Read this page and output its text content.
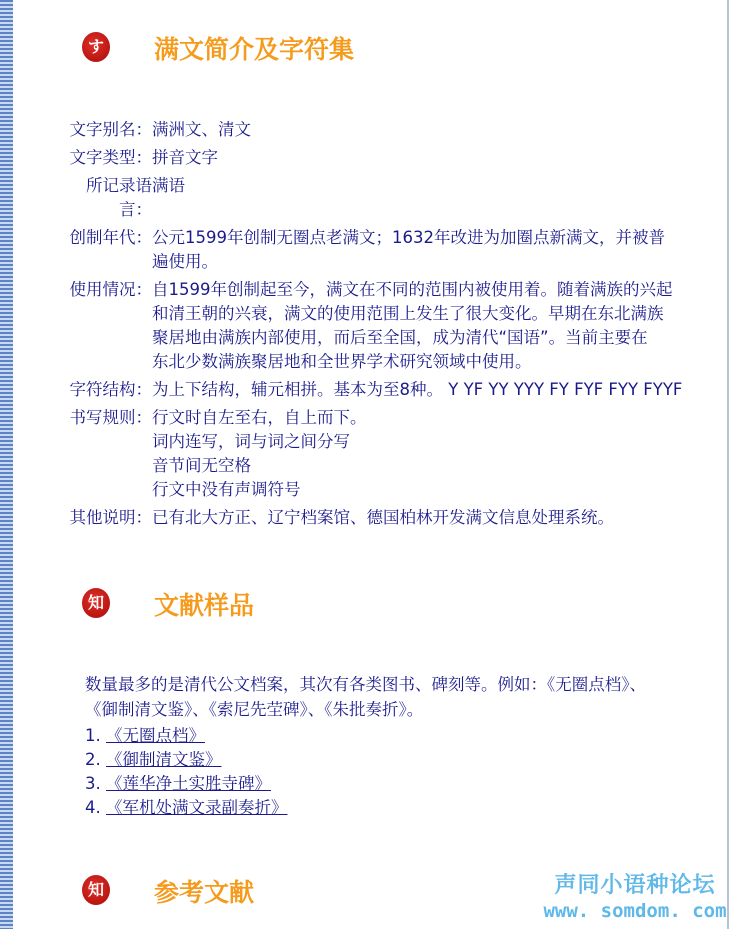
す 满文简介及字符集
文字别名： 满洲文、清文
文字类型： 拼音文字
所记录语
言：
满语
创制年代： 公元1599年创制无圈点老满文；1632年改进为加圈点新满文，并被普
遍使用。
使用情况： 自1599年创制起至今，满文在不同的范围内被使用着。随着满族的兴起
和清王朝的兴衰，满文的使用范围上发生了很大变化。早期在东北满族
聚居地由满族内部使用，而后至全国，成为清代“国语”。当前主要在
东北少数满族聚居地和全世界学术研究领域中使用。
字符结构： 为上下结构，辅元相拼。基本为至8种。 Y YF YY YYY FY FYF FYY FYYF
书写规则： 行文时自左至右，自上而下。
词内连写，词与词之间分写
音节间无空格
行文中没有声调符号
其他说明： 已有北大方正、辽宁档案馆、德国柏林开发满文信息处理系统。
知 文献样品
数量最多的是清代公文档案，其次有各类图书、碑刻等。例如：《无圈点档》、
《御制清文鉴》、《索尼先茔碑》、《朱批奏折》。
1. 《无圈点档》
2. 《御制清文鉴》
3. 《莲华净土实胜寺碑》
4. 《军机处满文录副奏折》
知 参考文献	声同小语种论坛
www. somdom. com
